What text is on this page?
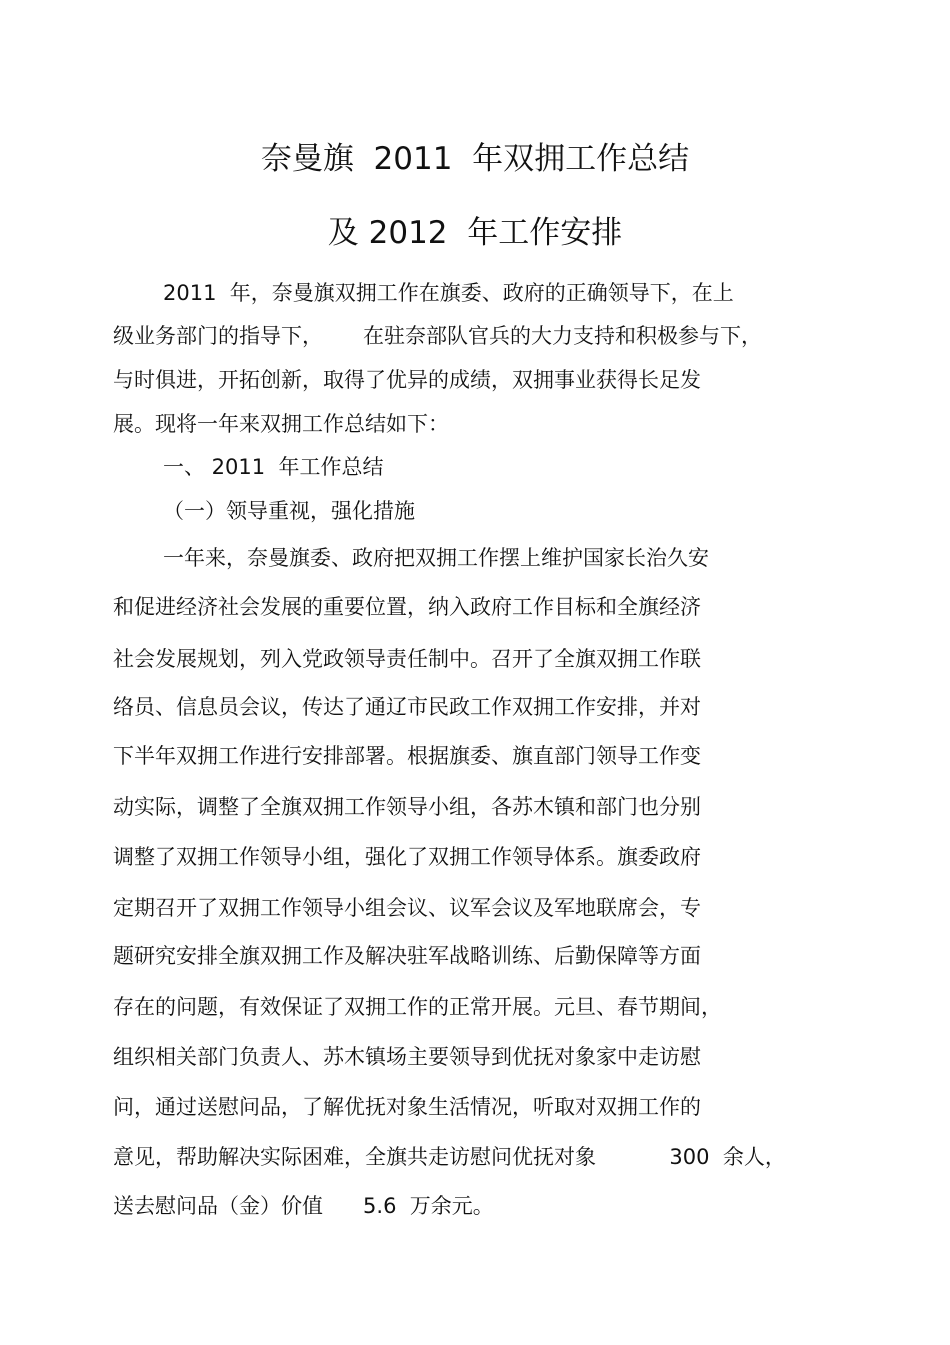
奈曼旗  2011  年双拥工作总结
及 2012  年工作安排
2011  年，奈曼旗双拥工作在旗委、政府的正确领导下，在上
级业务部门的指导下，      在驻奈部队官兵的大力支持和积极参与下，
与时俱进，开拓创新，取得了优异的成绩，双拥事业获得长足发
展。现将一年来双拥工作总结如下：
一、 2011  年工作总结
（一）领导重视，强化措施
一年来，奈曼旗委、政府把双拥工作摆上维护国家长治久安
和促进经济社会发展的重要位置，纳入政府工作目标和全旗经济
社会发展规划，列入党政领导责任制中。召开了全旗双拥工作联
络员、信息员会议，传达了通辽市民政工作双拥工作安排，并对
下半年双拥工作进行安排部署。根据旗委、旗直部门领导工作变
动实际，调整了全旗双拥工作领导小组，各苏木镇和部门也分别
调整了双拥工作领导小组，强化了双拥工作领导体系。旗委政府
定期召开了双拥工作领导小组会议、议军会议及军地联席会，专
题研究安排全旗双拥工作及解决驻军战略训练、后勤保障等方面
存在的问题，有效保证了双拥工作的正常开展。元旦、春节期间，
组织相关部门负责人、苏木镇场主要领导到优抚对象家中走访慰
问，通过送慰问品，了解优抚对象生活情况，听取对双拥工作的
意见，帮助解决实际困难，全旗共走访慰问优抚对象           300  余人，
送去慰问品（金）价值      5.6  万余元。
